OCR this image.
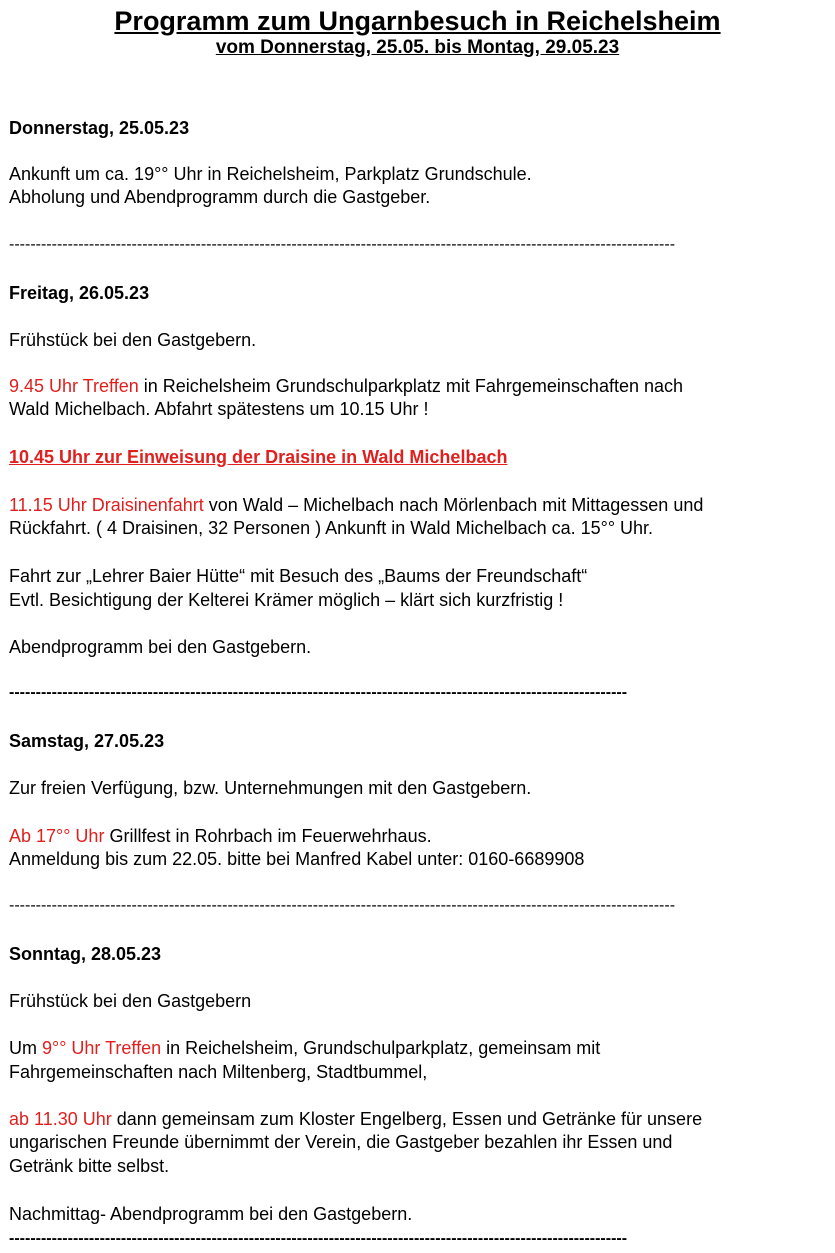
Programm zum Ungarnbesuch in Reichelsheim
vom Donnerstag, 25.05. bis Montag, 29.05.23
Donnerstag, 25.05.23
Ankunft um ca. 19°° Uhr in Reichelsheim, Parkplatz Grundschule.
Abholung und Abendprogramm durch die Gastgeber.
-----------------------------------------------------------------------------------------------------------------------------
Freitag, 26.05.23
Frühstück bei den Gastgebern.
9.45 Uhr Treffen in Reichelsheim Grundschulparkplatz mit Fahrgemeinschaften nach
Wald Michelbach. Abfahrt spätestens um 10.15 Uhr !
10.45 Uhr zur Einweisung der Draisine in Wald Michelbach
11.15 Uhr Draisinenfahrt von Wald – Michelbach nach Mörlenbach mit Mittagessen und
Rückfahrt. ( 4 Draisinen, 32 Personen ) Ankunft in Wald Michelbach ca. 15°° Uhr.
Fahrt zur „Lehrer Baier Hütte“ mit Besuch des „Baums der Freundschaft“
Evtl. Besichtigung der Kelterei Krämer möglich – klärt sich kurzfristig !
Abendprogramm bei den Gastgebern.
--------------------------------------------------------------------------------------------------------------------
Samstag, 27.05.23
Zur freien Verfügung, bzw. Unternehmungen mit den Gastgebern.
Ab 17°° Uhr Grillfest in Rohrbach im Feuerwehrhaus.
Anmeldung bis zum 22.05. bitte bei Manfred Kabel unter: 0160-6689908
-----------------------------------------------------------------------------------------------------------------------------
Sonntag, 28.05.23
Frühstück bei den Gastgebern
Um 9°° Uhr Treffen in Reichelsheim, Grundschulparkplatz, gemeinsam mit
Fahrgemeinschaften nach Miltenberg, Stadtbummel,
ab 11.30 Uhr dann gemeinsam zum Kloster Engelberg, Essen und Getränke für unsere
ungarischen Freunde übernimmt der Verein, die Gastgeber bezahlen ihr Essen und
Getränk bitte selbst.
Nachmittag- Abendprogramm bei den Gastgebern.
--------------------------------------------------------------------------------------------------------------------
